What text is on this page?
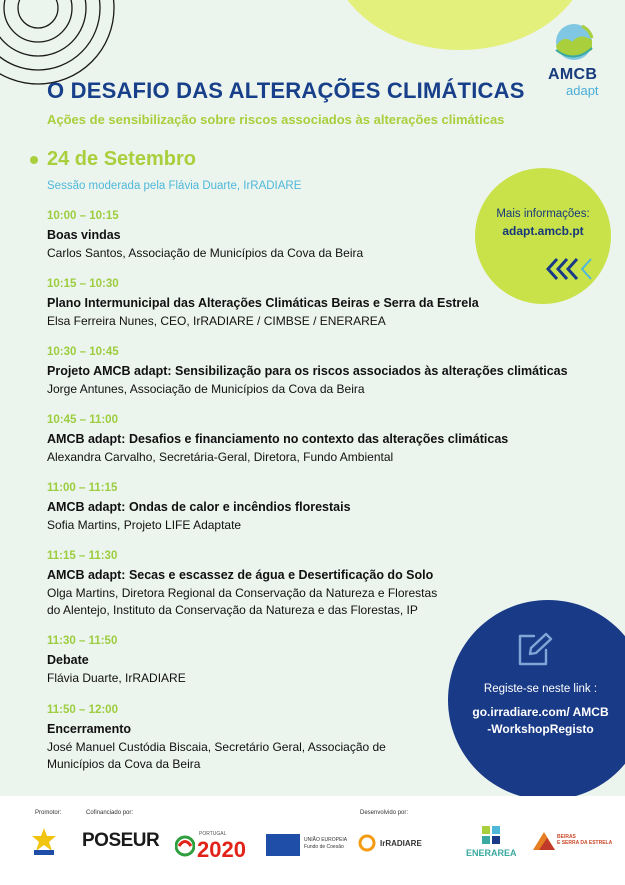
AMCB
adapt
O DESAFIO DAS ALTERAÇÕES CLIMÁTICAS
Ações de sensibilização sobre riscos associados às alterações climáticas
24 de Setembro
Sessão moderada pela Flávia Duarte, IrRADIARE
10:00 – 10:15
Boas vindas
Carlos Santos, Associação de Municípios da Cova da Beira
10:15 – 10:30
Plano Intermunicipal das Alterações Climáticas Beiras e Serra da Estrela
Elsa Ferreira Nunes, CEO, IrRADIARE / CIMBSE / ENERAREA
10:30 – 10:45
Projeto AMCB adapt: Sensibilização para os riscos associados às alterações climáticas
Jorge Antunes, Associação de Municípios da Cova da Beira
10:45 – 11:00
AMCB adapt: Desafios e financiamento no contexto das alterações climáticas
Alexandra Carvalho, Secretária-Geral, Diretora, Fundo Ambiental
11:00 – 11:15
AMCB adapt: Ondas de calor e incêndios florestais
Sofia Martins, Projeto LIFE Adaptate
11:15 – 11:30
AMCB adapt: Secas e escassez de água e Desertificação do Solo
Olga Martins, Diretora Regional da Conservação da Natureza e Florestas
do Alentejo, Instituto da Conservação da Natureza e das Florestas, IP
11:30 – 11:50
Debate
Flávia Duarte, IrRADIARE
11:50 – 12:00
Encerramento
José Manuel Custódia Biscaia, Secretário Geral, Associação de
Municípios da Cova da Beira
Mais informações:
adapt.amcb.pt
Registe-se neste link :
go.irradiare.com/ AMCB
-WorkshopRegisto
Promotor:	Cofinanciado por:	Desenvolvido por:
POSEUR	PORTUGAL
2020	UNIÃO EUROPEIA
Fundo de Coesão	IrRADIARE
ENERAREA
BEIRAS
E SERRA DA ESTRELA
